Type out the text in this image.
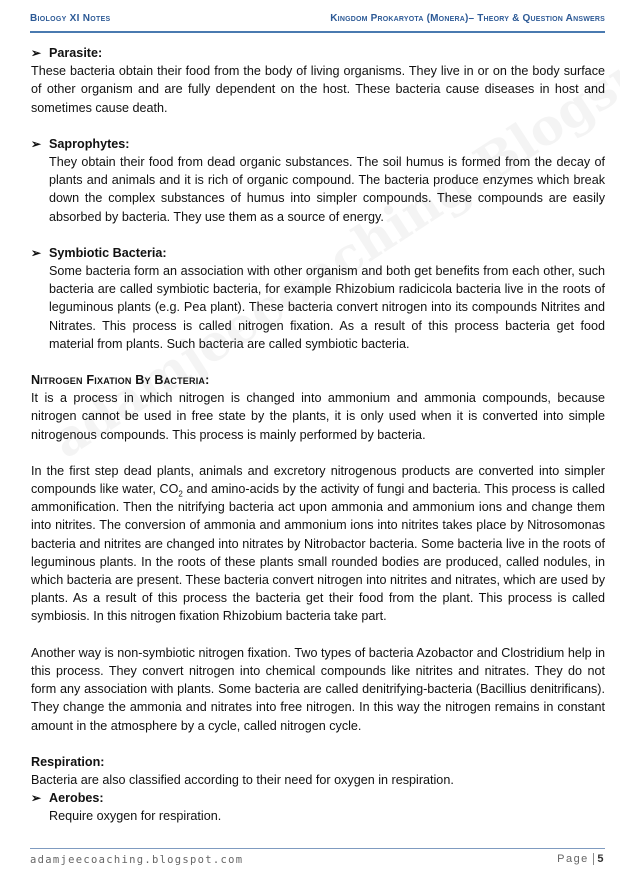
Biology XI Notes	Kingdom Prokaryota (Monera)– Theory & Question Answers
➢ Parasite:

These bacteria obtain their food from the body of living organisms. They live in or on the body surface of other organism and are fully dependent on the host. These bacteria cause diseases in host and sometimes cause death.

➢ Saprophytes:

They obtain their food from dead organic substances. The soil humus is formed from the decay of plants and animals and it is rich of organic compound. The bacteria produce enzymes which break down the complex substances of humus into simpler compounds. These compounds are easily absorbed by bacteria. They use them as a source of energy.

➢ Symbiotic Bacteria:

Some bacteria form an association with other organism and both get benefits from each other, such bacteria are called symbiotic bacteria, for example Rhizobium radicicola bacteria live in the roots of leguminous plants (e.g. Pea plant). These bacteria convert nitrogen into its compounds Nitrites and Nitrates. This process is called nitrogen fixation. As a result of this process bacteria get food material from plants. Such bacteria are called symbiotic bacteria.

Nitrogen Fixation By Bacteria:

It is a process in which nitrogen is changed into ammonium and ammonia compounds, because nitrogen cannot be used in free state by the plants, it is only used when it is converted into simple nitrogenous compounds. This process is mainly performed by bacteria.

In the first step dead plants, animals and excretory nitrogenous products are converted into simpler compounds like water, $CO_2$ and amino-acids by the activity of fungi and bacteria. This process is called ammonification. Then the nitrifying bacteria act upon ammonia and ammonium ions and change them into nitrites. The conversion of ammonia and ammonium ions into nitrites takes place by Nitrosomonas bacteria and nitrites are changed into nitrates by Nitrobactor bacteria. Some bacteria live in the roots of leguminous plants. In the roots of these plants small rounded bodies are produced, called nodules, in which bacteria are present. These bacteria convert nitrogen into nitrites and nitrates, which are used by plants. As a result of this process the bacteria get their food from the plant. This process is called symbiosis. In this nitrogen fixation Rhizobium bacteria take part.

Another way is non-symbiotic nitrogen fixation. Two types of bacteria Azobactor and Clostridium help in this process. They convert nitrogen into chemical compounds like nitrites and nitrates. They do not form any association with plants. Some bacteria are called denitrifying-bacteria (Bacillius denitrificans). They change the ammonia and nitrates into free nitrogen. In this way the nitrogen remains in constant amount in the atmosphere by a cycle, called nitrogen cycle.

Respiration:

Bacteria are also classified according to their need for oxygen in respiration.

➢ Aerobes:

Require oxygen for respiration.

adamjeecoaching.blogspot.com	Page 5
